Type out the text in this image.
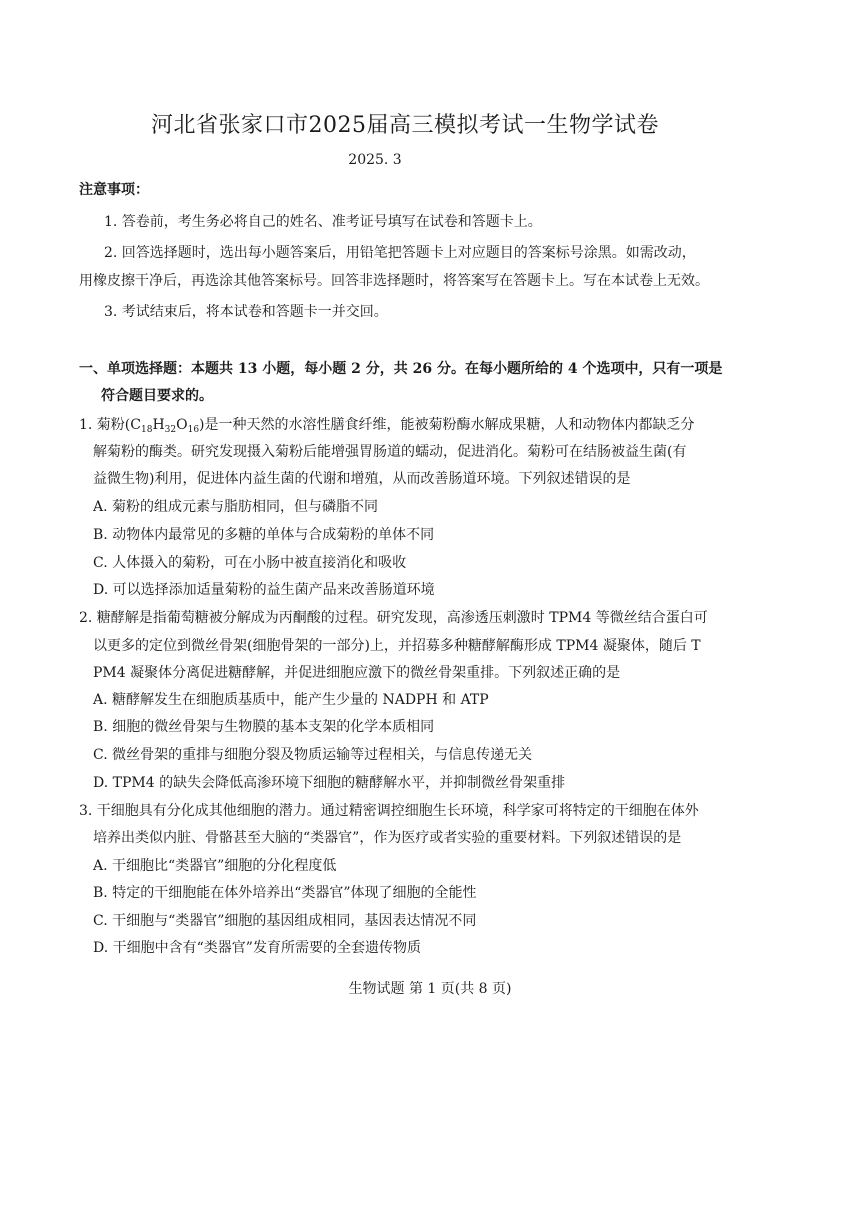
河北省张家口市2025届高三模拟考试一生物学试卷
2025. 3
注意事项：
1. 答卷前，考生务必将自己的姓名、准考证号填写在试卷和答题卡上。
2. 回答选择题时，选出每小题答案后，用铅笔把答题卡上对应题目的答案标号涂黑。如需改动，
用橡皮擦干净后，再选涂其他答案标号。回答非选择题时，将答案写在答题卡上。写在本试卷上无效。
3. 考试结束后，将本试卷和答题卡一并交回。
一、单项选择题：本题共 13 小题，每小题 2 分，共 26 分。在每小题所给的 4 个选项中，只有一项是
符合题目要求的。
1. 菊粉$(C_{18}H_{32}O_{16})$是一种天然的水溶性膳食纤维，能被菊粉酶水解成果糖，人和动物体内都缺乏分
解菊粉的酶类。研究发现摄入菊粉后能增强胃肠道的蠕动，促进消化。菊粉可在结肠被益生菌(有
益微生物)利用，促进体内益生菌的代谢和增殖，从而改善肠道环境。下列叙述错误的是
A. 菊粉的组成元素与脂肪相同，但与磷脂不同
B. 动物体内最常见的多糖的单体与合成菊粉的单体不同
C. 人体摄入的菊粉，可在小肠中被直接消化和吸收
D. 可以选择添加适量菊粉的益生菌产品来改善肠道环境
2. 糖酵解是指葡萄糖被分解成为丙酮酸的过程。研究发现，高渗透压刺激时 TPM4 等微丝结合蛋白可
以更多的定位到微丝骨架(细胞骨架的一部分)上，并招募多种糖酵解酶形成 TPM4 凝聚体，随后 T
PM4 凝聚体分离促进糖酵解，并促进细胞应激下的微丝骨架重排。下列叙述正确的是
A. 糖酵解发生在细胞质基质中，能产生少量的 NADPH 和 ATP
B. 细胞的微丝骨架与生物膜的基本支架的化学本质相同
C. 微丝骨架的重排与细胞分裂及物质运输等过程相关，与信息传递无关
D. TPM4 的缺失会降低高渗环境下细胞的糖酵解水平，并抑制微丝骨架重排
3. 干细胞具有分化成其他细胞的潜力。通过精密调控细胞生长环境，科学家可将特定的干细胞在体外
培养出类似内脏、骨骼甚至大脑的“类器官”，作为医疗或者实验的重要材料。下列叙述错误的是
A. 干细胞比“类器官”细胞的分化程度低
B. 特定的干细胞能在体外培养出“类器官”体现了细胞的全能性
C. 干细胞与“类器官”细胞的基因组成相同，基因表达情况不同
D. 干细胞中含有“类器官”发育所需要的全套遗传物质
生物试题 第 1 页(共 8 页)
